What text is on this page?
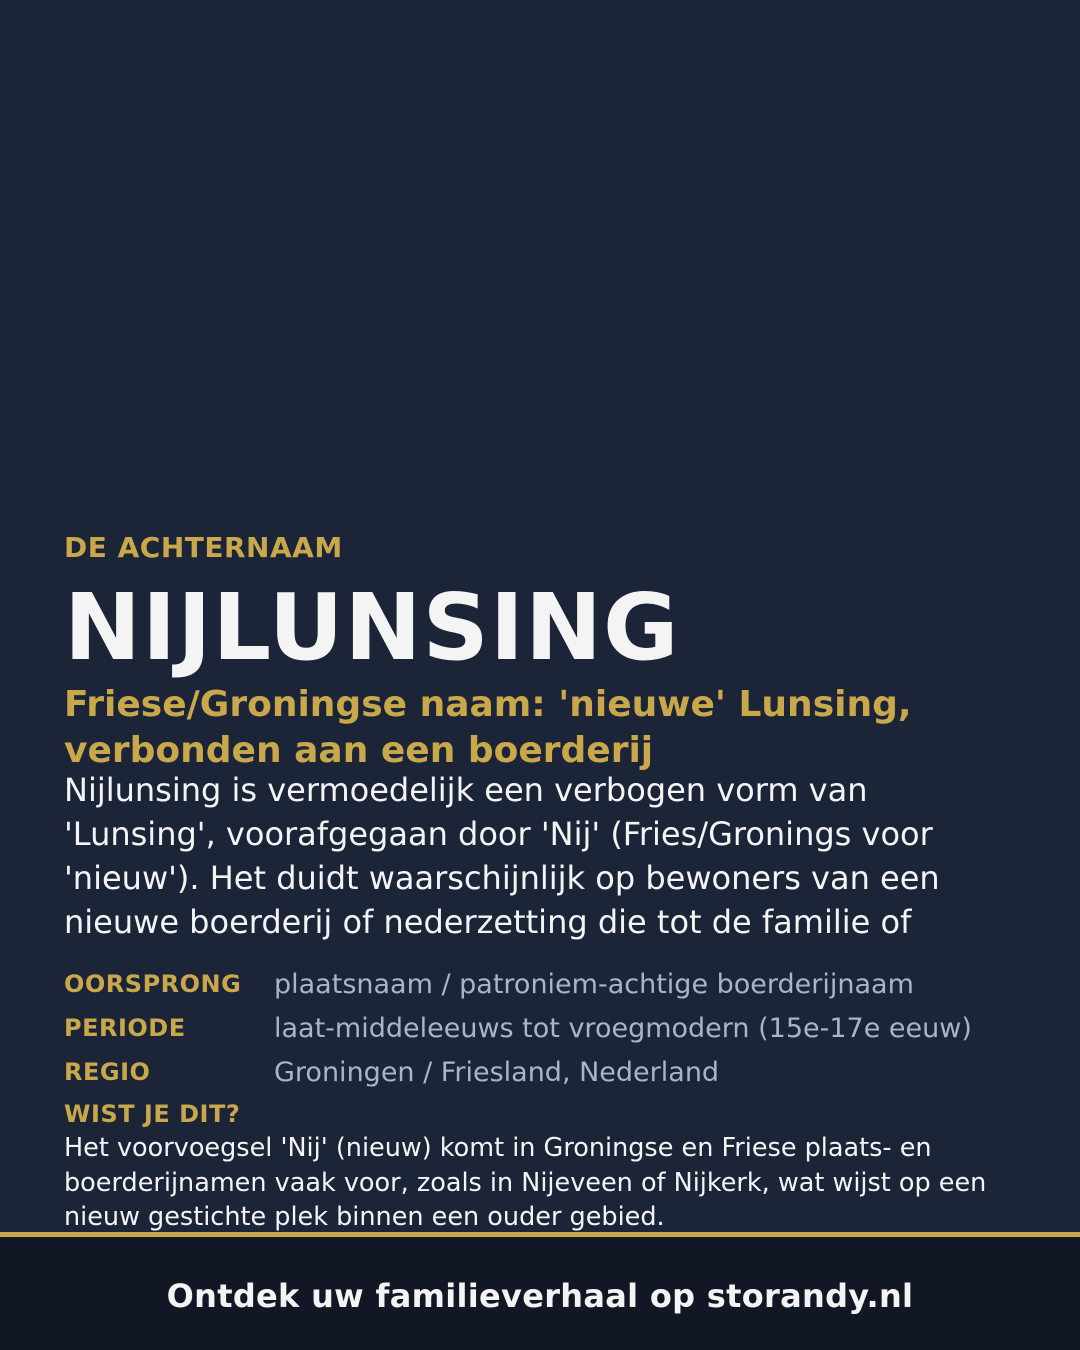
DE ACHTERNAAM
NIJLUNSING
Friese/Groningse naam: 'nieuwe' Lunsing, verbonden aan een boerderij
Nijlunsing is vermoedelijk een verbogen vorm van 'Lunsing', voorafgegaan door 'Nij' (Fries/Gronings voor 'nieuw'). Het duidt waarschijnlijk op bewoners van een nieuwe boerderij of nederzetting die tot de familie of
OORSPRONG	plaatsnaam / patroniem-achtige boerderijnaam
PERIODE	laat-middeleeuws tot vroegmodern (15e-17e eeuw)
REGIO	Groningen / Friesland, Nederland
WIST JE DIT?
Het voorvoegsel 'Nij' (nieuw) komt in Groningse en Friese plaats- en boerderijnamen vaak voor, zoals in Nijeveen of Nijkerk, wat wijst op een nieuw gestichte plek binnen een ouder gebied.
Ontdek uw familieverhaal op storandy.nl
